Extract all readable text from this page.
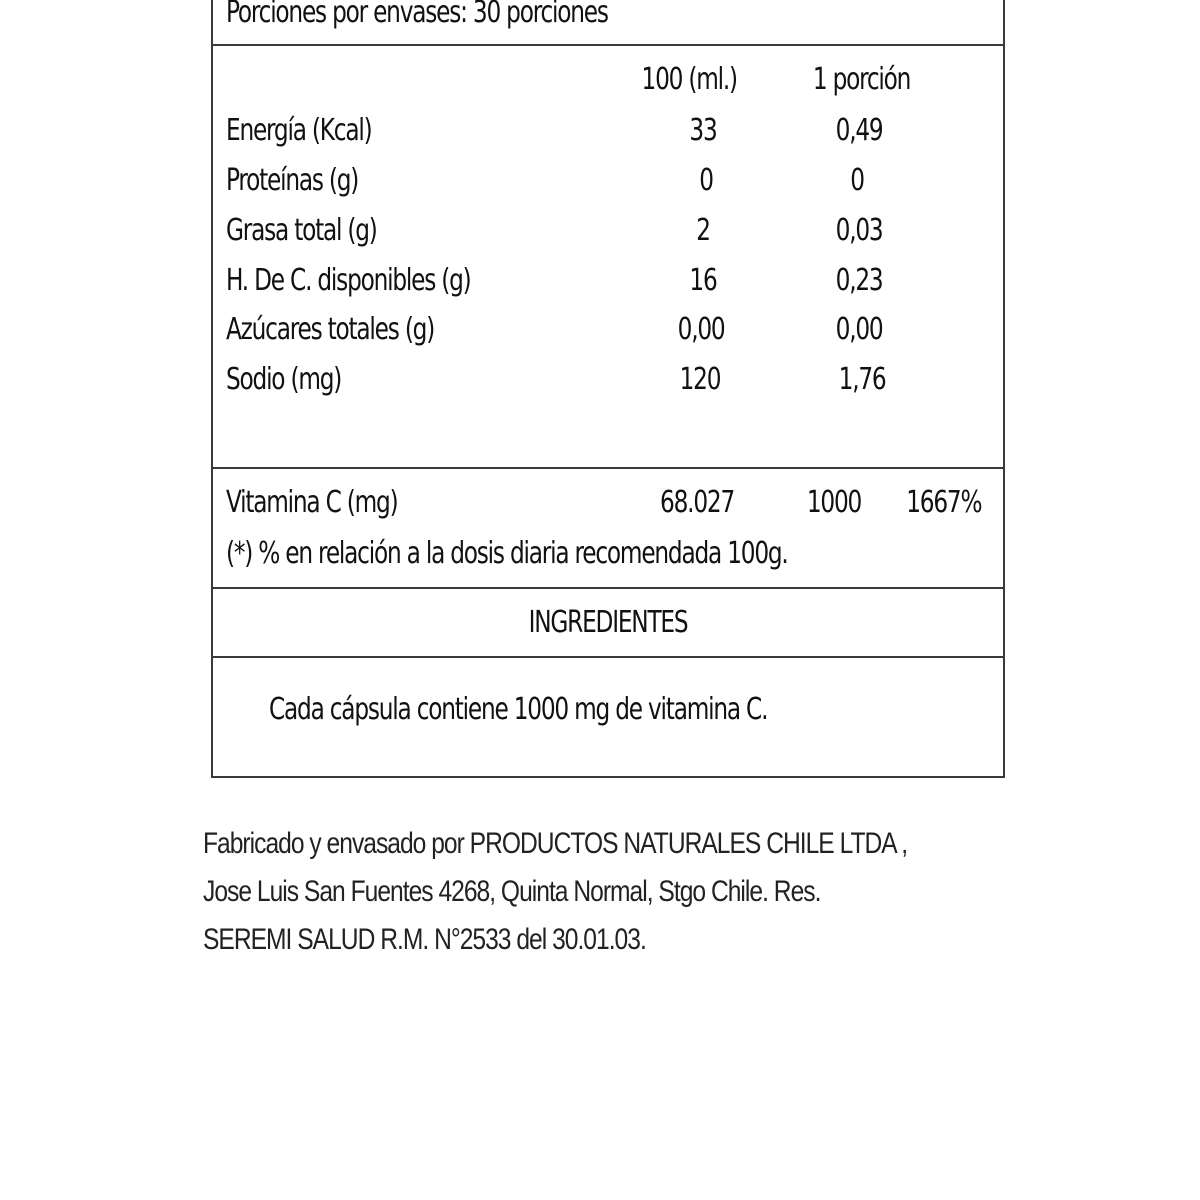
Porciones por envases: 30 porciones
100 (ml.)	1 porción
Energía (Kcal)	33	0,49
Proteínas (g)	0	0
Grasa total (g)	2	0,03
H. De C. disponibles (g)	16	0,23
Azúcares totales (g)	0,00	0,00
Sodio (mg)	120	1,76
Vitamina C (mg)	68.027 1000 1667%
(*) % en relación a la dosis diaria recomendada 100g.
INGREDIENTES
Cada cápsula contiene 1000 mg de vitamina C.
Fabricado y envasado por PRODUCTOS NATURALES CHILE LTDA ,
Jose Luis San Fuentes 4268, Quinta Normal, Stgo Chile. Res.
SEREMI SALUD R.M. N°2533 del 30.01.03.
